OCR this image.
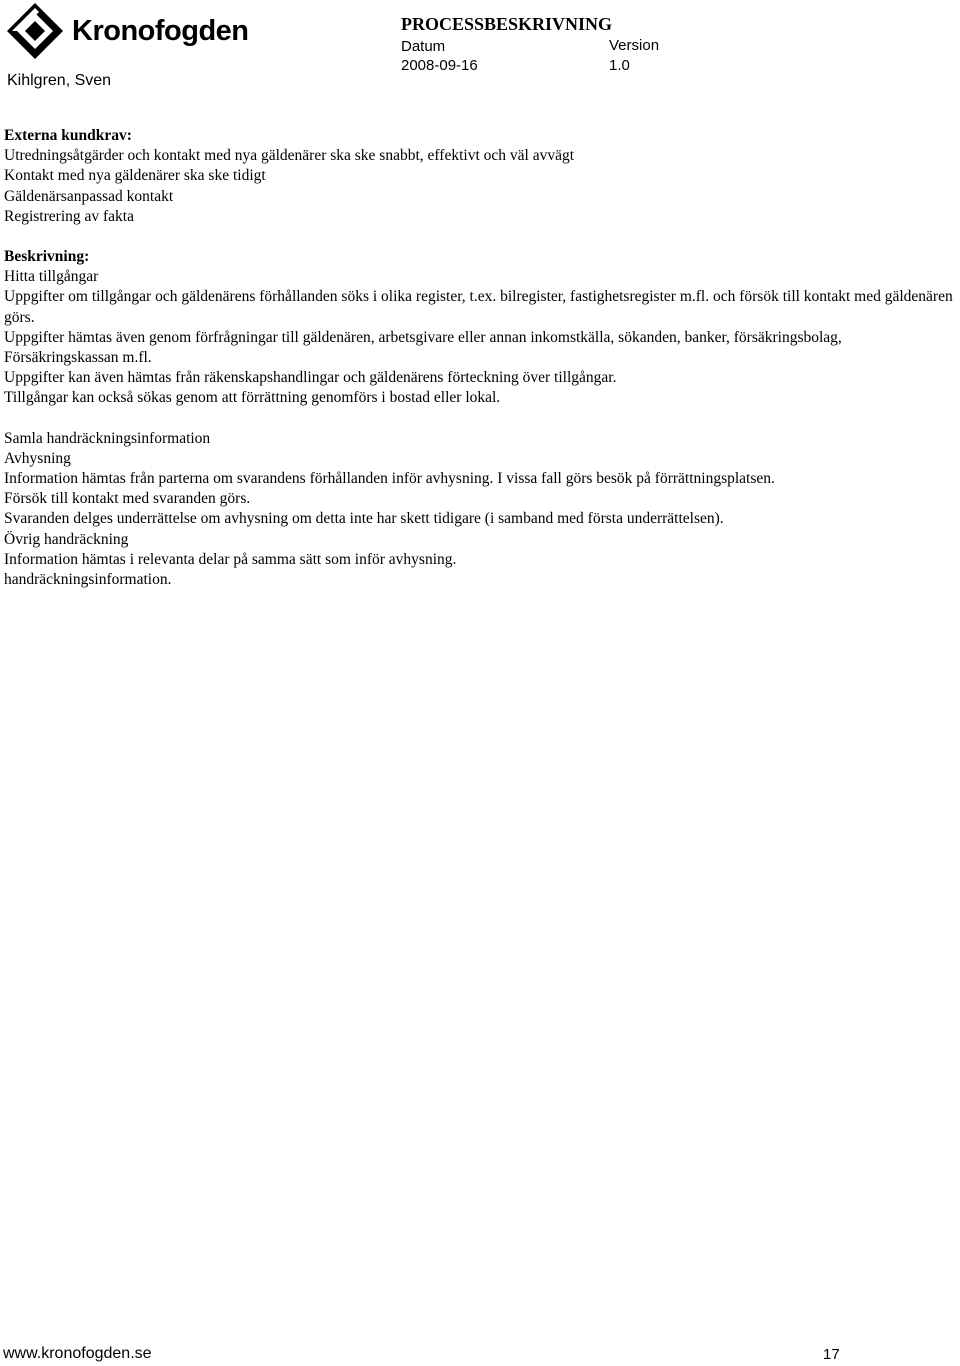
Kronofogden
Kihlgren, Sven
PROCESSBESKRIVNING
Datum
2008-09-16
Version
1.0

Externa kundkrav:

Utredningsåtgärder och kontakt med nya gäldenärer ska ske snabbt, effektivt och väl avvägt

Kontakt med nya gäldenärer ska ske tidigt

Gäldenärsanpassad kontakt

Registrering av fakta

Beskrivning:

Hitta tillgångar

Uppgifter om tillgångar och gäldenärens förhållanden söks i olika register, t.ex. bilregister, fastighetsregister m.fl. och försök till kontakt med gäldenären görs.

Uppgifter hämtas även genom förfrågningar till gäldenären, arbetsgivare eller annan inkomstkälla, sökanden, banker, försäkringsbolag, Försäkringskassan m.fl.

Uppgifter kan även hämtas från räkenskapshandlingar och gäldenärens förteckning över tillgångar.

Tillgångar kan också sökas genom att förrättning genomförs i bostad eller lokal.

Samla handräckningsinformation

Avhysning

Information hämtas från parterna om svarandens förhållanden inför avhysning. I vissa fall görs besök på förrättningsplatsen.

Försök till kontakt med svaranden görs.

Svaranden delges underrättelse om avhysning om detta inte har skett tidigare (i samband med första underrättelsen).

Övrig handräckning

Information hämtas i relevanta delar på samma sätt som inför avhysning.

handräckningsinformation.

www.kronofogden.se	17
